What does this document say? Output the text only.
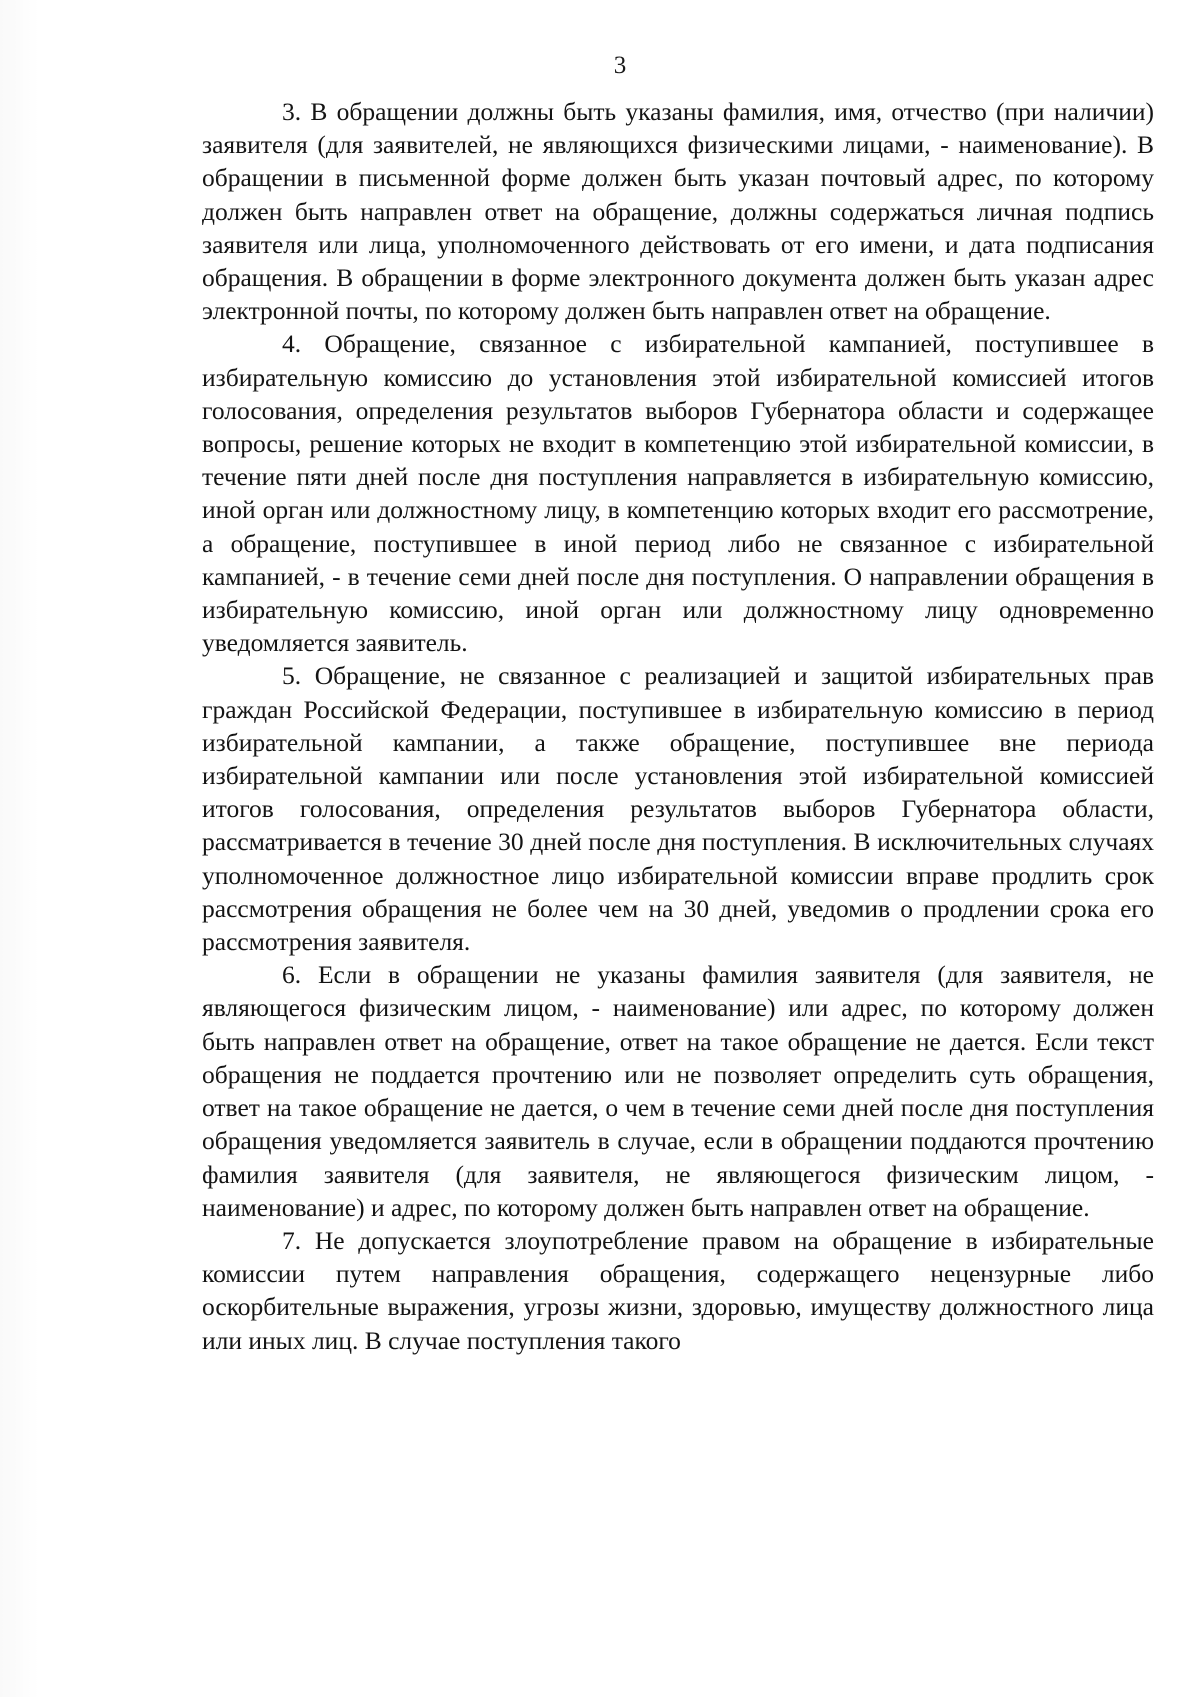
3

3. В обращении должны быть указаны фамилия, имя, отчество (при наличии) заявителя (для заявителей, не являющихся физическими лицами, - наименование). В обращении в письменной форме должен быть указан почтовый адрес, по которому должен быть направлен ответ на обращение, должны содержаться личная подпись заявителя или лица, уполномоченного действовать от его имени, и дата подписания обращения. В обращении в форме электронного документа должен быть указан адрес электронной почты, по которому должен быть направлен ответ на обращение.

4. Обращение, связанное с избирательной кампанией, поступившее в избирательную комиссию до установления этой избирательной комиссией итогов голосования, определения результатов выборов Губернатора области и содержащее вопросы, решение которых не входит в компетенцию этой избирательной комиссии, в течение пяти дней после дня поступления направляется в избирательную комиссию, иной орган или должностному лицу, в компетенцию которых входит его рассмотрение, а обращение, поступившее в иной период либо не связанное с избирательной кампанией, - в течение семи дней после дня поступления. О направлении обращения в избирательную комиссию, иной орган или должностному лицу одновременно уведомляется заявитель.

5. Обращение, не связанное с реализацией и защитой избирательных прав граждан Российской Федерации, поступившее в избирательную комиссию в период избирательной кампании, а также обращение, поступившее вне периода избирательной кампании или после установления этой избирательной комиссией итогов голосования, определения результатов выборов Губернатора области, рассматривается в течение 30 дней после дня поступления. В исключительных случаях уполномоченное должностное лицо избирательной комиссии вправе продлить срок рассмотрения обращения не более чем на 30 дней, уведомив о продлении срока его рассмотрения заявителя.

6. Если в обращении не указаны фамилия заявителя (для заявителя, не являющегося физическим лицом, - наименование) или адрес, по которому должен быть направлен ответ на обращение, ответ на такое обращение не дается. Если текст обращения не поддается прочтению или не позволяет определить суть обращения, ответ на такое обращение не дается, о чем в течение семи дней после дня поступления обращения уведомляется заявитель в случае, если в обращении поддаются прочтению фамилия заявителя (для заявителя, не являющегося физическим лицом, - наименование) и адрес, по которому должен быть направлен ответ на обращение.

7. Не допускается злоупотребление правом на обращение в избирательные комиссии путем направления обращения, содержащего нецензурные либо оскорбительные выражения, угрозы жизни, здоровью, имуществу должностного лица или иных лиц. В случае поступления такого
